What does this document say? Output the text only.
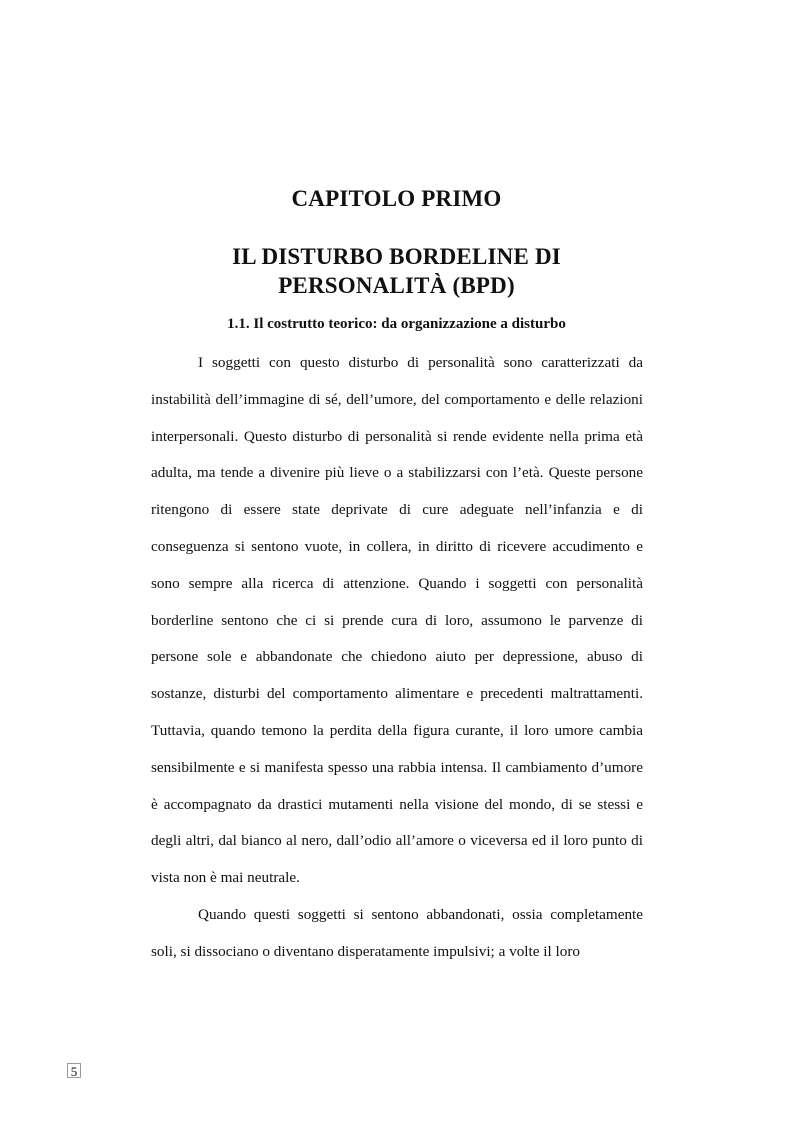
CAPITOLO PRIMO
IL DISTURBO BORDELINE DI PERSONALITÀ (BPD)
1.1. Il costrutto teorico: da organizzazione a disturbo

I soggetti con questo disturbo di personalità sono caratterizzati da instabilità dell’immagine di sé, dell’umore, del comportamento e delle relazioni interpersonali. Questo disturbo di personalità si rende evidente nella prima età adulta, ma tende a divenire più lieve o a stabilizzarsi con l’età. Queste persone ritengono di essere state deprivate di cure adeguate nell’infanzia e di conseguenza si sentono vuote, in collera, in diritto di ricevere accudimento e sono sempre alla ricerca di attenzione. Quando i soggetti con personalità borderline sentono che ci si prende cura di loro, assumono le parvenze di persone sole e abbandonate che chiedono aiuto per depressione, abuso di sostanze, disturbi del comportamento alimentare e precedenti maltrattamenti. Tuttavia, quando temono la perdita della figura curante, il loro umore cambia sensibilmente e si manifesta spesso una rabbia intensa. Il cambiamento d’umore è accompagnato da drastici mutamenti nella visione del mondo, di se stessi e degli altri, dal bianco al nero, dall’odio all’amore o viceversa ed il loro punto di vista non è mai neutrale.

Quando questi soggetti si sentono abbandonati, ossia completamente soli, si dissociano o diventano disperatamente impulsivi; a volte il loro

5
